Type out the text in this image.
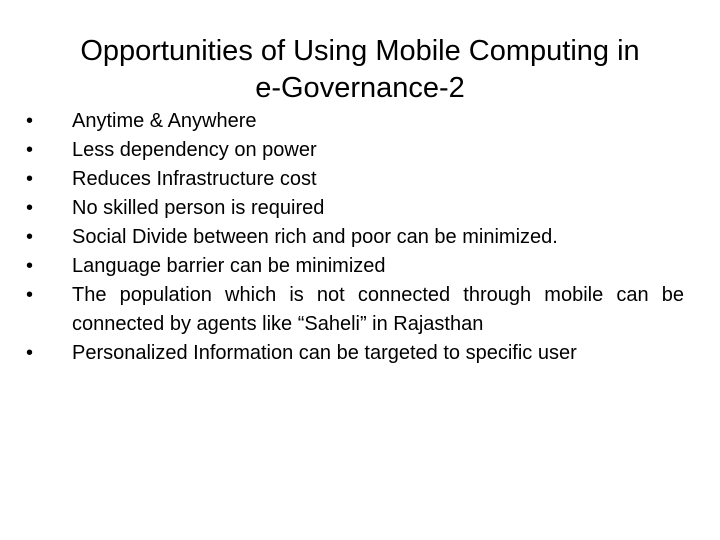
Opportunities of Using Mobile Computing in
e-Governance-2
•	Anytime & Anywhere
•	Less dependency on power
•	Reduces Infrastructure cost
•	No skilled person is required
•	Social Divide between rich and poor can be minimized.
•	Language barrier can be minimized
•	The population which is not connected through mobile can be connected by agents like “Saheli” in Rajasthan
•	Personalized Information can be targeted to specific user
